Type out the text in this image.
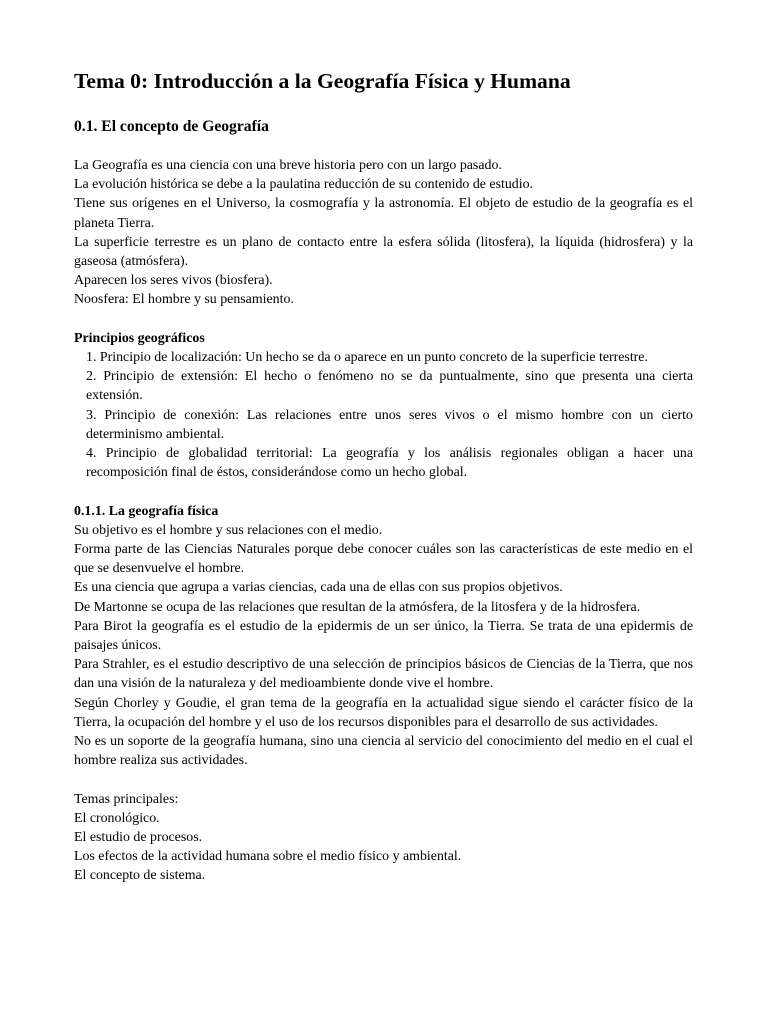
Tema 0: Introducción a la Geografía Física y Humana
0.1. El concepto de Geografía

La Geografía es una ciencia con una breve historia pero con un largo pasado.

La evolución histórica se debe a la paulatina reducción de su contenido de estudio.

Tiene sus orígenes en el Universo, la cosmografía y la astronomía. El objeto de estudio de la geografía es el planeta Tierra.

La superficie terrestre es un plano de contacto entre la esfera sólida (litosfera), la líquida (hidrosfera) y la gaseosa (atmósfera).

Aparecen los seres vivos (biosfera).

Noosfera: El hombre y su pensamiento.

Principios geográficos

1. Principio de localización: Un hecho se da o aparece en un punto concreto de la superficie terrestre.

2. Principio de extensión: El hecho o fenómeno no se da puntualmente, sino que presenta una cierta extensión.

3. Principio de conexión: Las relaciones entre unos seres vivos o el mismo hombre con un cierto determinismo ambiental.

4. Principio de globalidad territorial: La geografía y los análisis regionales obligan a hacer una recomposición final de éstos, considerándose como un hecho global.

0.1.1. La geografía física

Su objetivo es el hombre y sus relaciones con el medio.

Forma parte de las Ciencias Naturales porque debe conocer cuáles son las características de este medio en el que se desenvuelve el hombre.

Es una ciencia que agrupa a varias ciencias, cada una de ellas con sus propios objetivos.

De Martonne se ocupa de las relaciones que resultan de la atmósfera, de la litosfera y de la hidrosfera.

Para Birot la geografía es el estudio de la epidermis de un ser único, la Tierra. Se trata de una epidermis de paisajes únicos.

Para Strahler, es el estudio descriptivo de una selección de principios básicos de Ciencias de la Tierra, que nos dan una visión de la naturaleza y del medioambiente donde vive el hombre.

Según Chorley y Goudie, el gran tema de la geografía en la actualidad sigue siendo el carácter físico de la Tierra, la ocupación del hombre y el uso de los recursos disponibles para el desarrollo de sus actividades.

No es un soporte de la geografía humana, sino una ciencia al servicio del conocimiento del medio en el cual el hombre realiza sus actividades.

Temas principales:

El cronológico.

El estudio de procesos.

Los efectos de la actividad humana sobre el medio físico y ambiental.

El concepto de sistema.
